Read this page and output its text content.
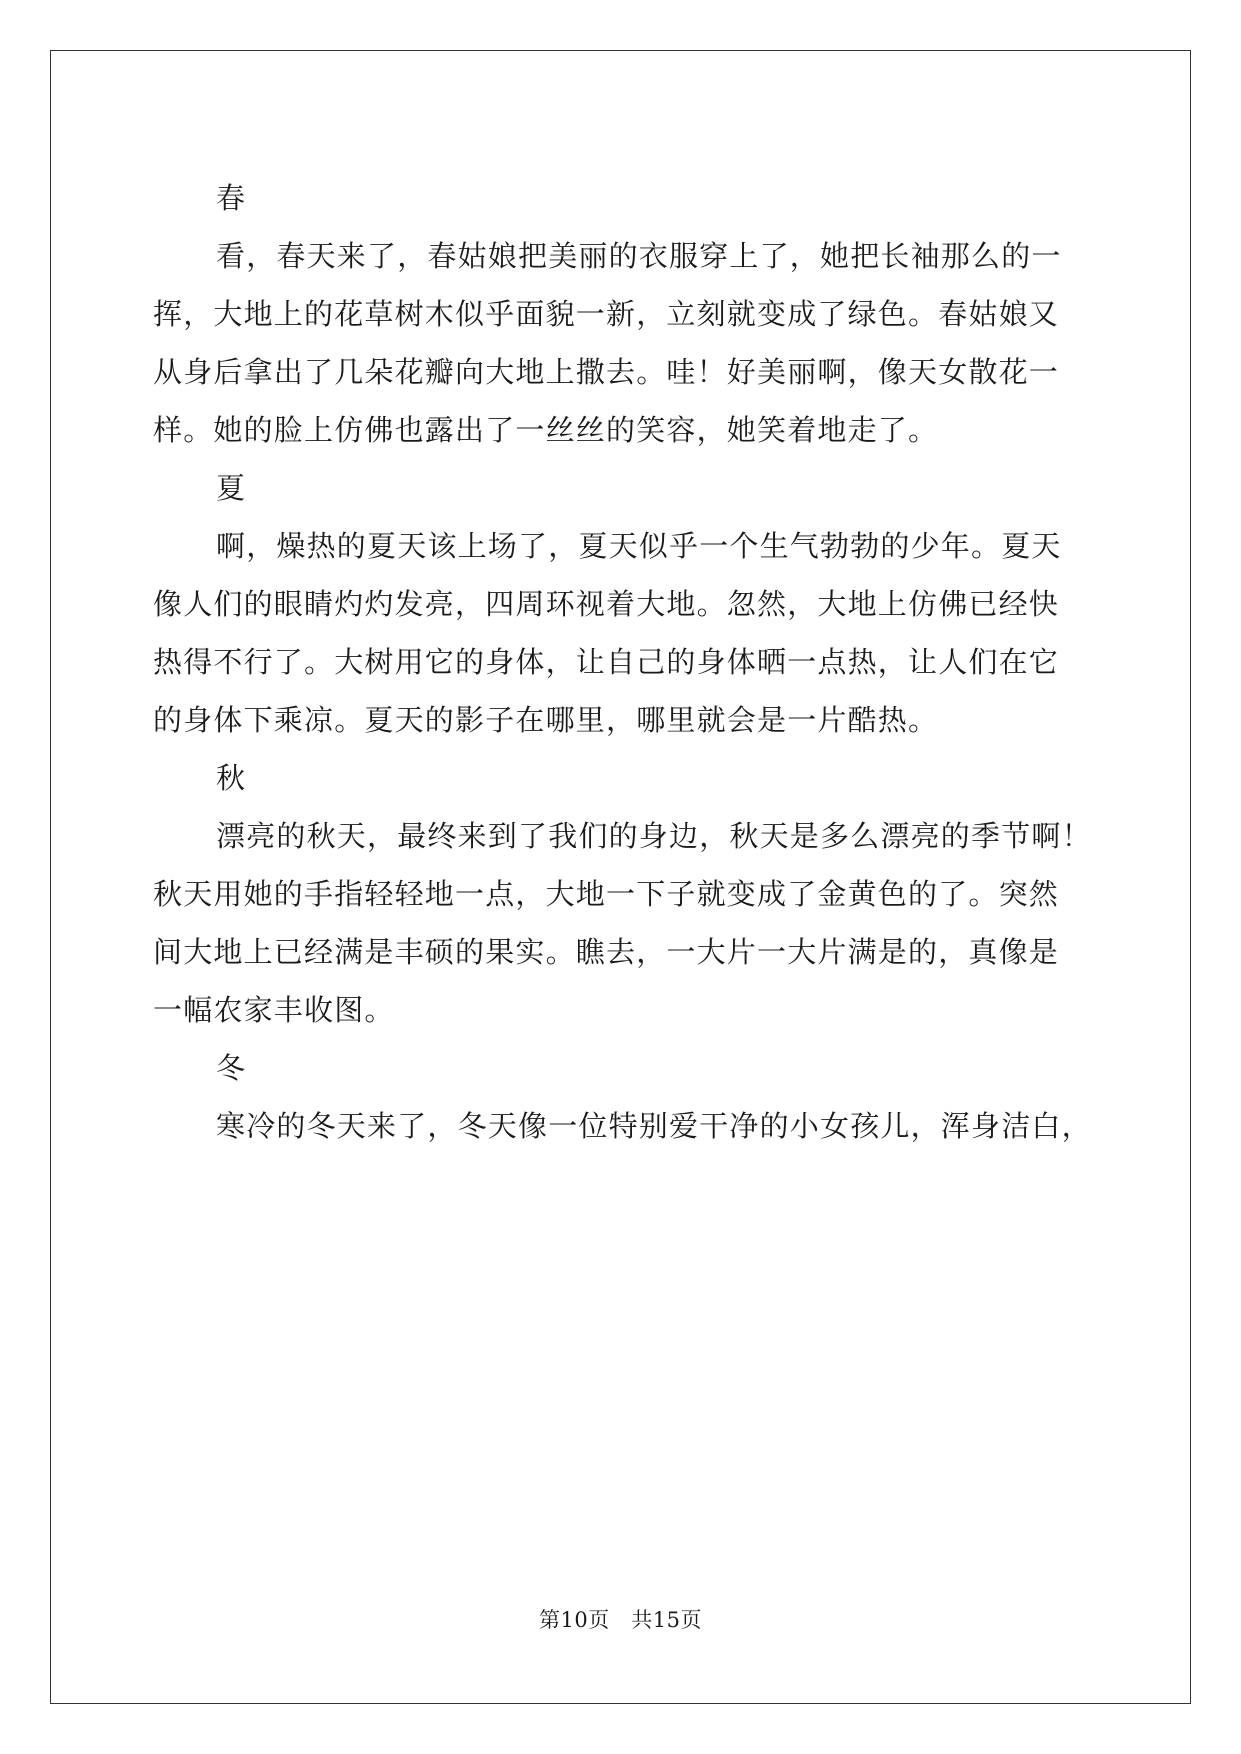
春
看，春天来了，春姑娘把美丽的衣服穿上了，她把长袖那么的一
挥，大地上的花草树木似乎面貌一新，立刻就变成了绿色。春姑娘又
从身后拿出了几朵花瓣向大地上撒去。哇！好美丽啊，像天女散花一
样。她的脸上仿佛也露出了一丝丝的笑容，她笑着地走了。
夏
啊，燥热的夏天该上场了，夏天似乎一个生气勃勃的少年。夏天
像人们的眼睛灼灼发亮，四周环视着大地。忽然，大地上仿佛已经快
热得不行了。大树用它的身体，让自己的身体晒一点热，让人们在它
的身体下乘凉。夏天的影子在哪里，哪里就会是一片酷热。
秋
漂亮的秋天，最终来到了我们的身边，秋天是多么漂亮的季节啊！
秋天用她的手指轻轻地一点，大地一下子就变成了金黄色的了。突然
间大地上已经满是丰硕的果实。瞧去，一大片一大片满是的，真像是
一幅农家丰收图。
冬
寒冷的冬天来了，冬天像一位特别爱干净的小女孩儿，浑身洁白，
第10页　共15页
